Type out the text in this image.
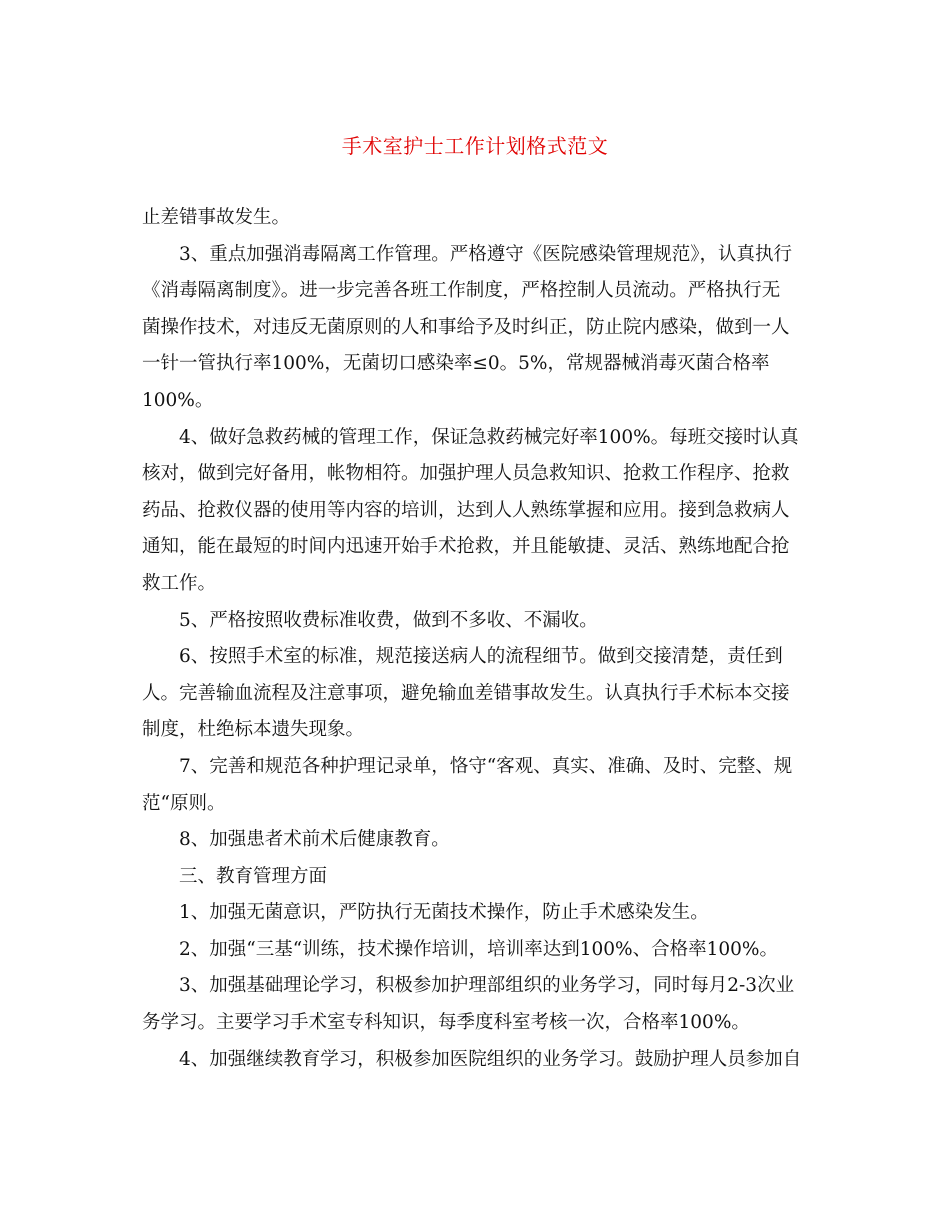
手术室护士工作计划格式范文

止差错事故发生。

　　3、重点加强消毒隔离工作管理。严格遵守《医院感染管理规范》，认真执行

《消毒隔离制度》。进一步完善各班工作制度，严格控制人员流动。严格执行无

菌操作技术，对违反无菌原则的人和事给予及时纠正，防止院内感染，做到一人

一针一管执行率100%，无菌切口感染率≤0。5%，常规器械消毒灭菌合格率

100%。

　　4、做好急救药械的管理工作，保证急救药械完好率100%。每班交接时认真

核对，做到完好备用，帐物相符。加强护理人员急救知识、抢救工作程序、抢救

药品、抢救仪器的使用等内容的培训，达到人人熟练掌握和应用。接到急救病人

通知，能在最短的时间内迅速开始手术抢救，并且能敏捷、灵活、熟练地配合抢

救工作。

　　5、严格按照收费标准收费，做到不多收、不漏收。

　　6、按照手术室的标准，规范接送病人的流程细节。做到交接清楚，责任到

人。完善输血流程及注意事项，避免输血差错事故发生。认真执行手术标本交接

制度，杜绝标本遗失现象。

　　7、完善和规范各种护理记录单，恪守“客观、真实、准确、及时、完整、规

范“原则。

　　8、加强患者术前术后健康教育。

　　三、教育管理方面

　　1、加强无菌意识，严防执行无菌技术操作，防止手术感染发生。

　　2、加强“三基“训练，技术操作培训，培训率达到100%、合格率100%。

　　3、加强基础理论学习，积极参加护理部组织的业务学习，同时每月2-3次业

务学习。主要学习手术室专科知识，每季度科室考核一次，合格率100%。

　　4、加强继续教育学习，积极参加医院组织的业务学习。鼓励护理人员参加自
